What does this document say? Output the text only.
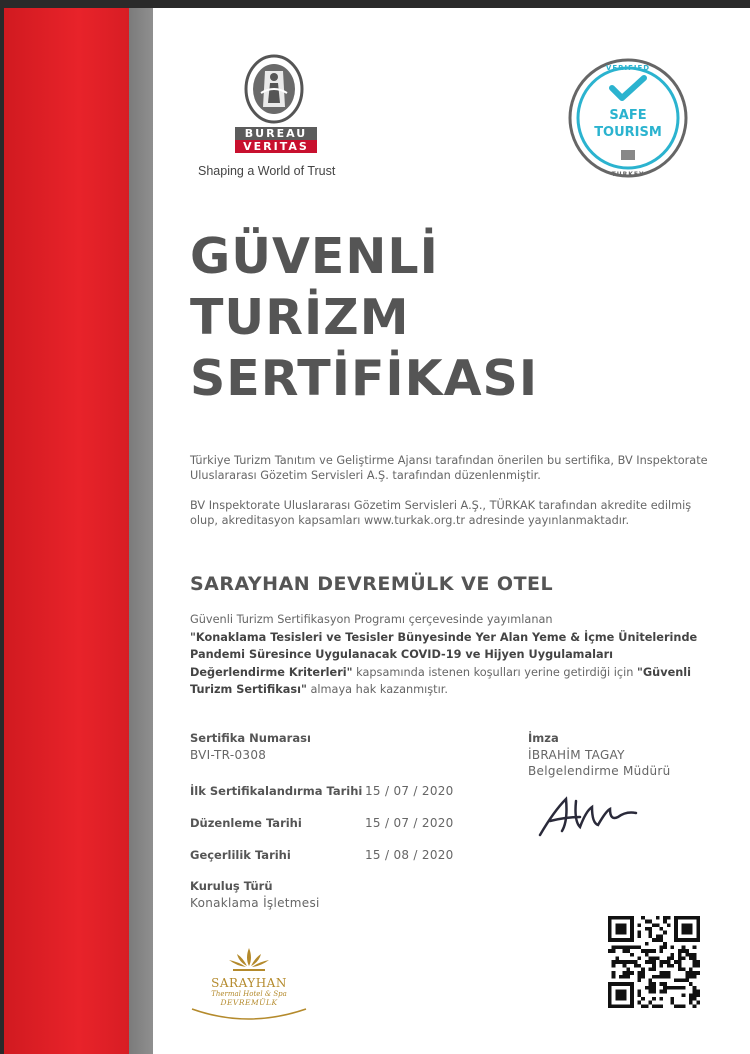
BUREAU
VERITAS
Shaping a World of Trust
VERIFIED
SAFE
TOURISM
TURKEY
GÜVENLİ
TURİZM
SERTİFİKASI
Türkiye Turizm Tanıtım ve Geliştirme Ajansı tarafından önerilen bu sertifika, BV Inspektorate Uluslararası Gözetim Servisleri A.Ş. tarafından düzenlenmiştir.
BV Inspektorate Uluslararası Gözetim Servisleri A.Ş., TÜRKAK tarafından akredite edilmiş olup, akreditasyon kapsamları www.turkak.org.tr adresinde yayınlanmaktadır.
SARAYHAN DEVREMÜLK VE OTEL
Güvenli Turizm Sertifikasyon Programı çerçevesinde yayımlanan
"Konaklama Tesisleri ve Tesisler Bünyesinde Yer Alan Yeme & İçme Ünitelerinde Pandemi Süresince Uygulanacak COVID-19 ve Hijyen Uygulamaları Değerlendirme Kriterleri" kapsamında istenen koşulları yerine getirdiği için "Güvenli Turizm Sertifikası" almaya hak kazanmıştır.
Sertifika Numarası
BVI-TR-0308
İlk Sertifikalandırma Tarihi 15 / 07 / 2020
Düzenleme Tarihi	15 / 07 / 2020
Geçerlilik Tarihi	15 / 08 / 2020
Kuruluş Türü
Konaklama İşletmesi
İmza
İBRAHİM TAGAY
Belgelendirme Müdürü
SARAYHAN
Thermal Hotel & Spa
DEVREMÜLK
